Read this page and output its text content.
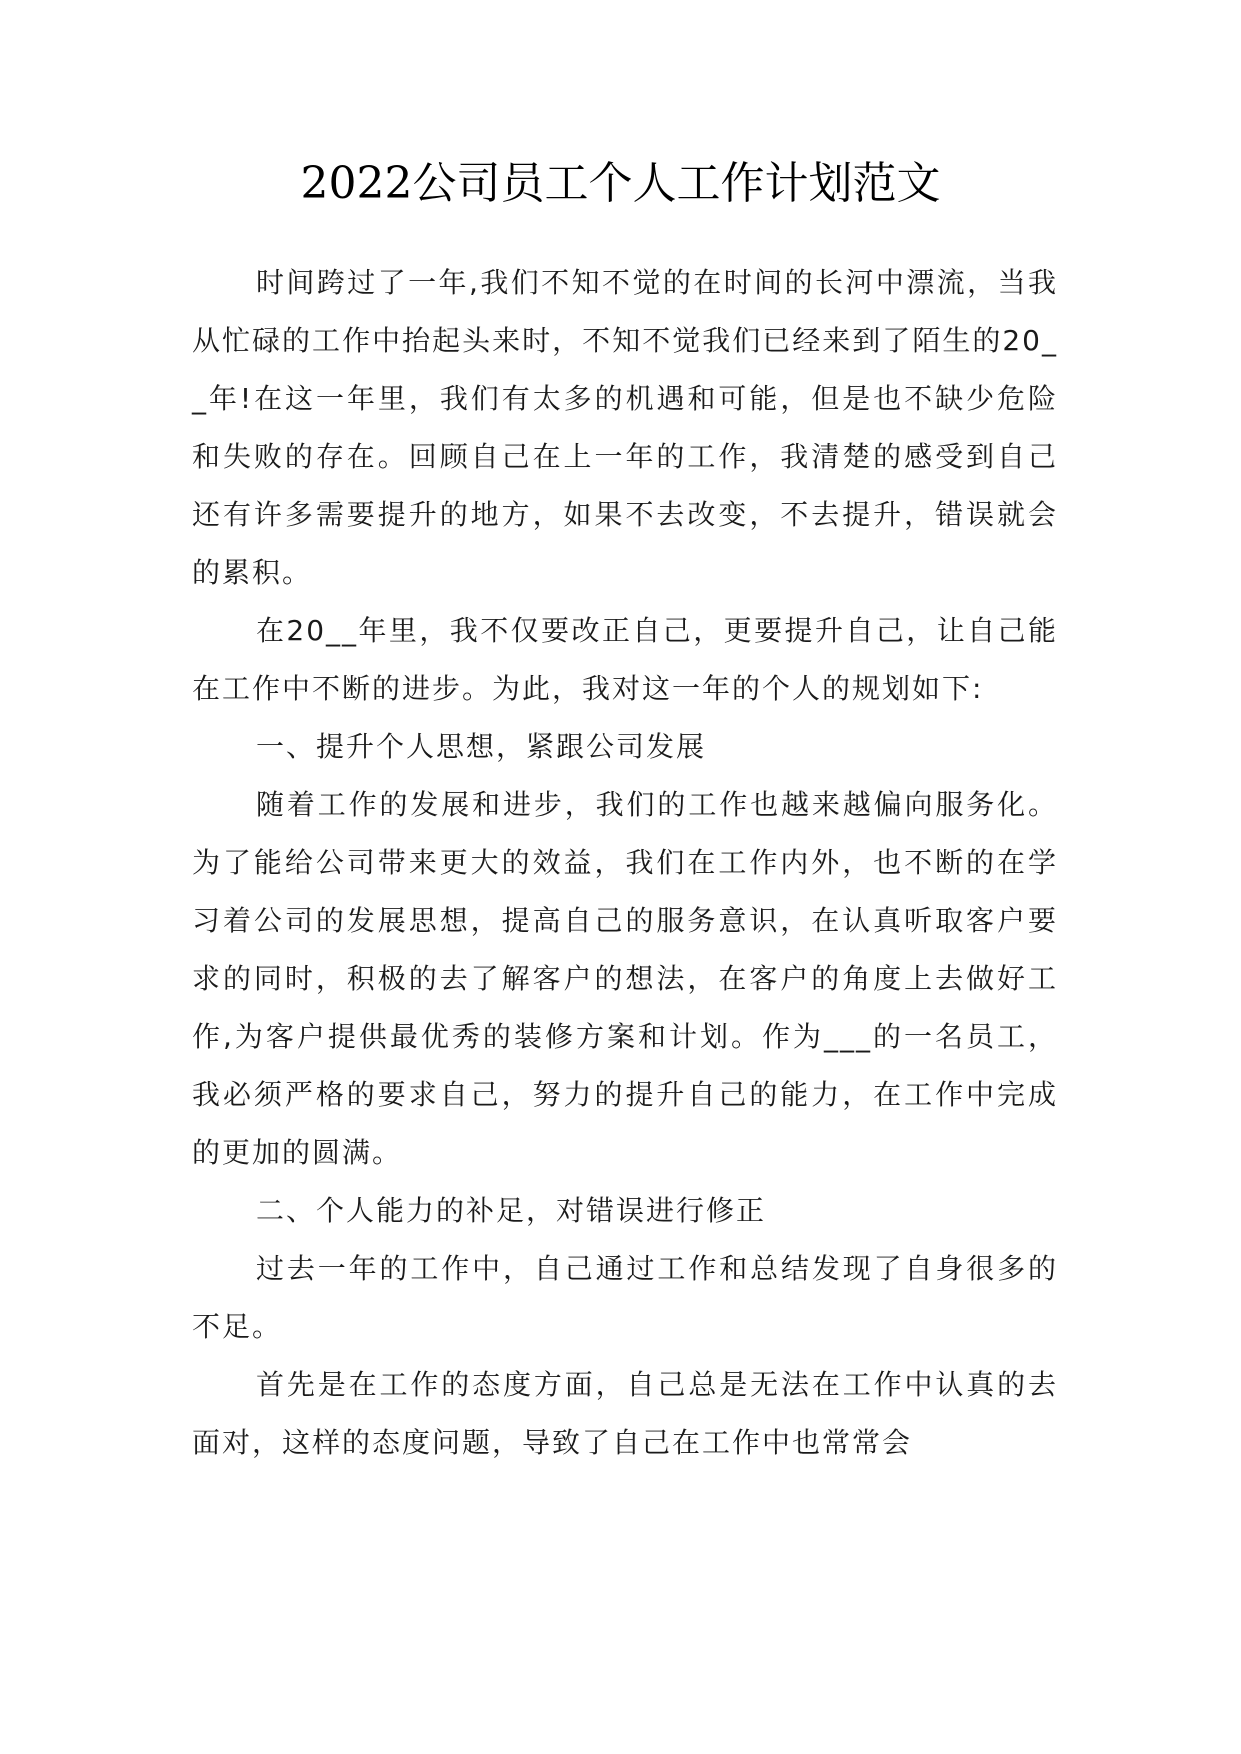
2022公司员工个人工作计划范文

时间跨过了一年,我们不知不觉的在时间的长河中漂流，当我从忙碌的工作中抬起头来时，不知不觉我们已经来到了陌生的20__年!在这一年里，我们有太多的机遇和可能，但是也不缺少危险和失败的存在。回顾自己在上一年的工作，我清楚的感受到自己还有许多需要提升的地方，如果不去改变，不去提升，错误就会的累积。

在20__年里，我不仅要改正自己，更要提升自己，让自己能在工作中不断的进步。为此，我对这一年的个人的规划如下:

一、提升个人思想，紧跟公司发展

随着工作的发展和进步，我们的工作也越来越偏向服务化。为了能给公司带来更大的效益，我们在工作内外，也不断的在学习着公司的发展思想，提高自己的服务意识，在认真听取客户要求的同时，积极的去了解客户的想法，在客户的角度上去做好工作,为客户提供最优秀的装修方案和计划。作为___的一名员工，我必须严格的要求自己，努力的提升自己的能力，在工作中完成的更加的圆满。

二、个人能力的补足，对错误进行修正

过去一年的工作中，自己通过工作和总结发现了自身很多的不足。

首先是在工作的态度方面，自己总是无法在工作中认真的去面对，这样的态度问题，导致了自己在工作中也常常会
